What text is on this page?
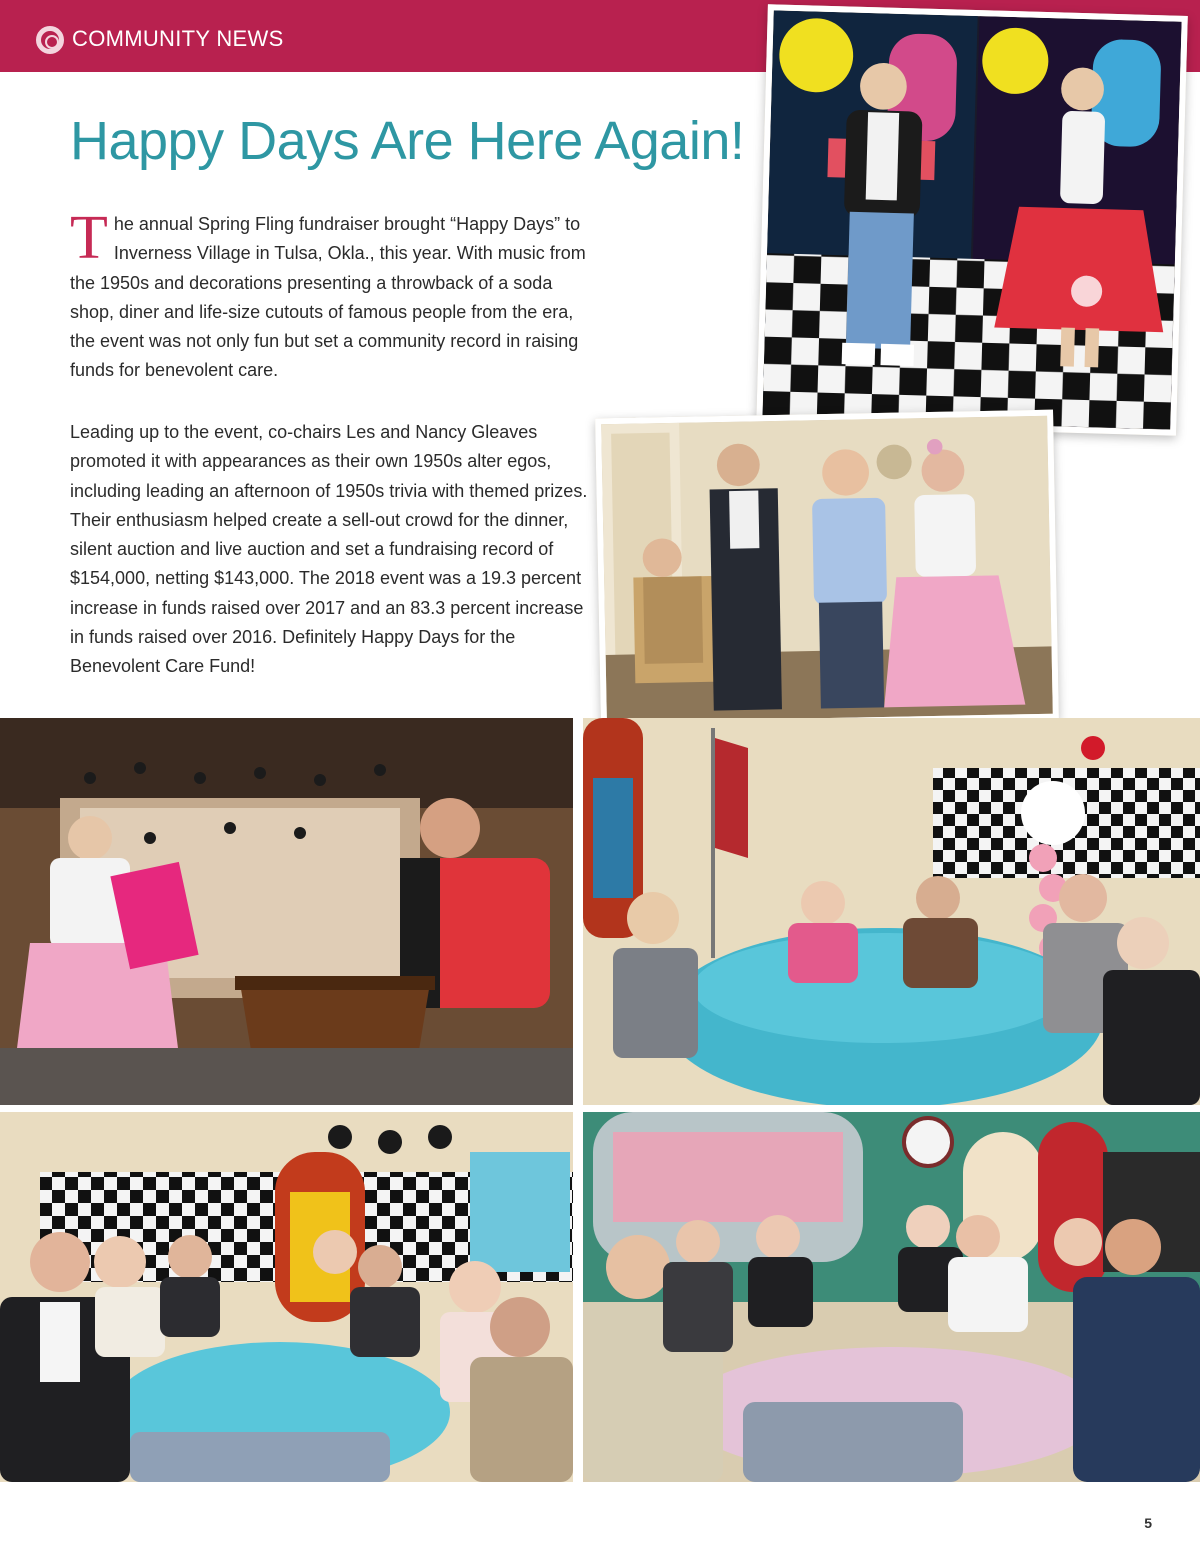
COMMUNITY NEWS
Happy Days Are Here Again!
The annual Spring Fling fundraiser brought “Happy Days” to Inverness Village in Tulsa, Okla., this year. With music from the 1950s and decorations presenting a throwback of a soda shop, diner and life-size cutouts of famous people from the era, the event was not only fun but set a community record in raising funds for benevolent care.
Leading up to the event, co-chairs Les and Nancy Gleaves promoted it with appearances as their own 1950s alter egos, including leading an afternoon of 1950s trivia with themed prizes. Their enthusiasm helped create a sell-out crowd for the dinner, silent auction and live auction and set a fundraising record of $154,000, netting $143,000. The 2018 event was a 19.3 percent increase in funds raised over 2017 and an 83.3 percent increase in funds raised over 2016. Definitely Happy Days for the Benevolent Care Fund!
5
